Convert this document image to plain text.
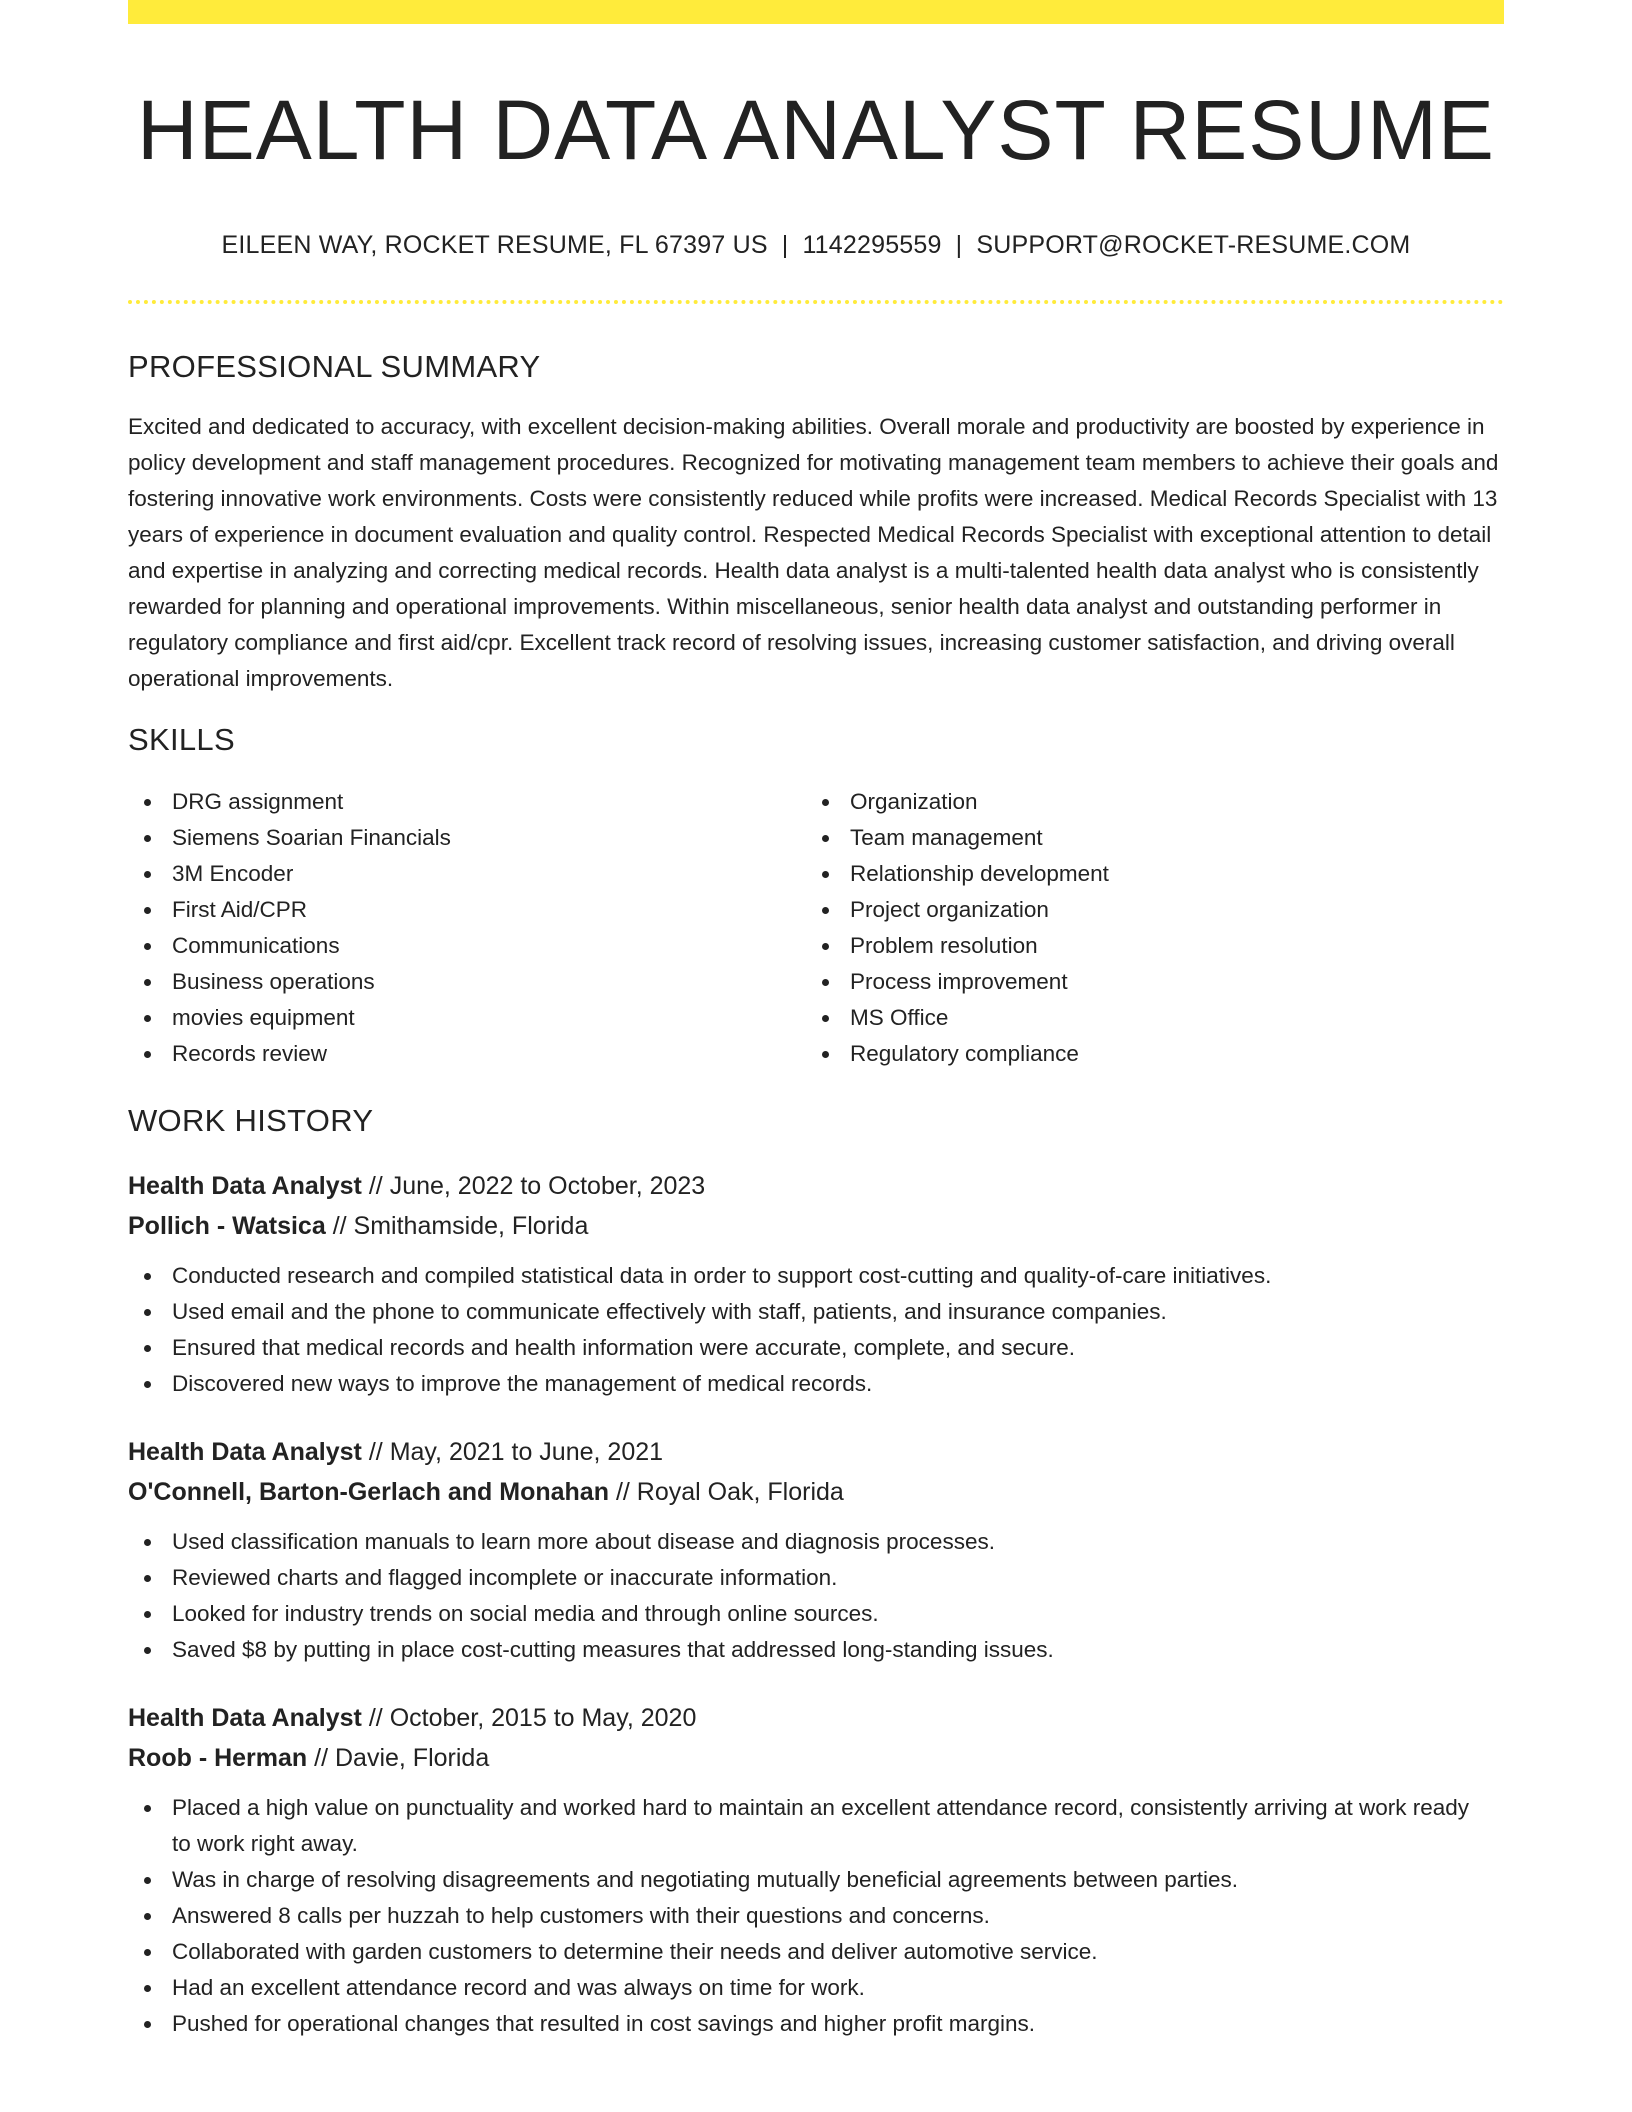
HEALTH DATA ANALYST RESUME
EILEEN WAY, ROCKET RESUME, FL 67397 US | 1142295559 | SUPPORT@ROCKET-RESUME.COM
PROFESSIONAL SUMMARY
Excited and dedicated to accuracy, with excellent decision-making abilities. Overall morale and productivity are boosted by experience in policy development and staff management procedures. Recognized for motivating management team members to achieve their goals and fostering innovative work environments. Costs were consistently reduced while profits were increased. Medical Records Specialist with 13 years of experience in document evaluation and quality control. Respected Medical Records Specialist with exceptional attention to detail and expertise in analyzing and correcting medical records. Health data analyst is a multi-talented health data analyst who is consistently rewarded for planning and operational improvements. Within miscellaneous, senior health data analyst and outstanding performer in regulatory compliance and first aid/cpr. Excellent track record of resolving issues, increasing customer satisfaction, and driving overall operational improvements.
SKILLS
DRG assignment
Siemens Soarian Financials
3M Encoder
First Aid/CPR
Communications
Business operations
movies equipment
Records review
Organization
Team management
Relationship development
Project organization
Problem resolution
Process improvement
MS Office
Regulatory compliance
WORK HISTORY
Health Data Analyst // June, 2022 to October, 2023
Pollich - Watsica // Smithamside, Florida
Conducted research and compiled statistical data in order to support cost-cutting and quality-of-care initiatives.
Used email and the phone to communicate effectively with staff, patients, and insurance companies.
Ensured that medical records and health information were accurate, complete, and secure.
Discovered new ways to improve the management of medical records.
Health Data Analyst // May, 2021 to June, 2021
O'Connell, Barton-Gerlach and Monahan // Royal Oak, Florida
Used classification manuals to learn more about disease and diagnosis processes.
Reviewed charts and flagged incomplete or inaccurate information.
Looked for industry trends on social media and through online sources.
Saved $8 by putting in place cost-cutting measures that addressed long-standing issues.
Health Data Analyst // October, 2015 to May, 2020
Roob - Herman // Davie, Florida
Placed a high value on punctuality and worked hard to maintain an excellent attendance record, consistently arriving at work ready to work right away.
Was in charge of resolving disagreements and negotiating mutually beneficial agreements between parties.
Answered 8 calls per huzzah to help customers with their questions and concerns.
Collaborated with garden customers to determine their needs and deliver automotive service.
Had an excellent attendance record and was always on time for work.
Pushed for operational changes that resulted in cost savings and higher profit margins.
